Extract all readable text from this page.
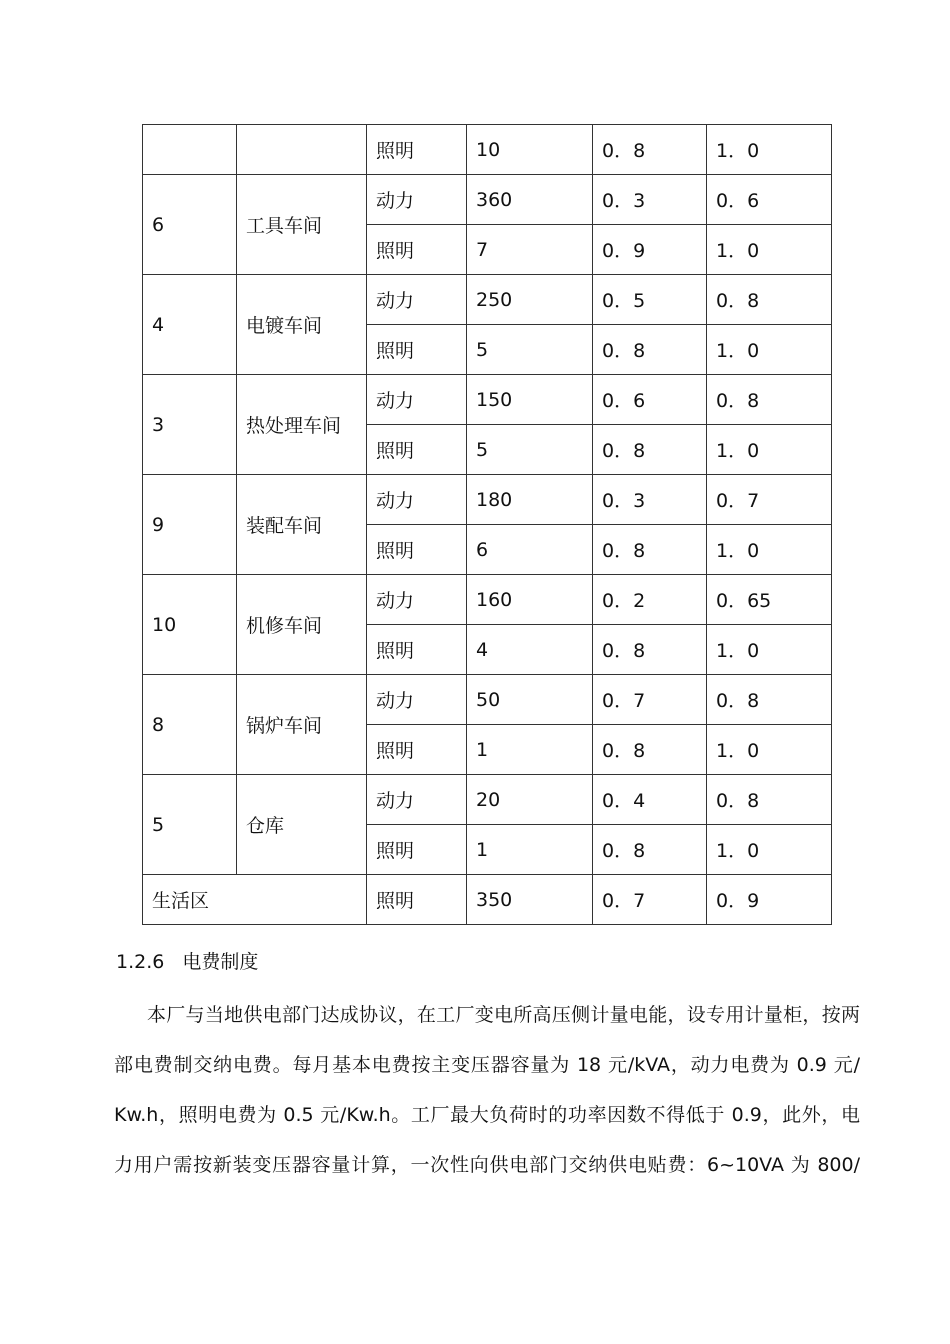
		照明	10	0．8	1．0
6	工具车间	动力	360	0．3	0．6
		照明	7	0．9	1．0
4	电镀车间	动力	250	0．5	0．8
		照明	5	0．8	1．0
3	热处理车间	动力	150	0．6	0．8
		照明	5	0．8	1．0
9	装配车间	动力	180	0．3	0．7
		照明	6	0．8	1．0
10	机修车间	动力	160	0．2	0．65
		照明	4	0．8	1．0
8	锅炉车间	动力	50	0．7	0．8
		照明	1	0．8	1．0
5	仓库	动力	20	0．4	0．8
		照明	1	0．8	1．0
生活区		照明	350	0．7	0．9
1.2.6 电费制度

本厂与当地供电部门达成协议，在工厂变电所高压侧计量电能，设专用计量柜，按两
部电费制交纳电费。每月基本电费按主变压器容量为 18 元/kVA，动力电费为 0.9 元/
Kw.h，照明电费为 0.5 元/Kw.h。工厂最大负荷时的功率因数不得低于 0.9，此外，电
力用户需按新装变压器容量计算，一次性向供电部门交纳供电贴费：6~10VA 为 800/
